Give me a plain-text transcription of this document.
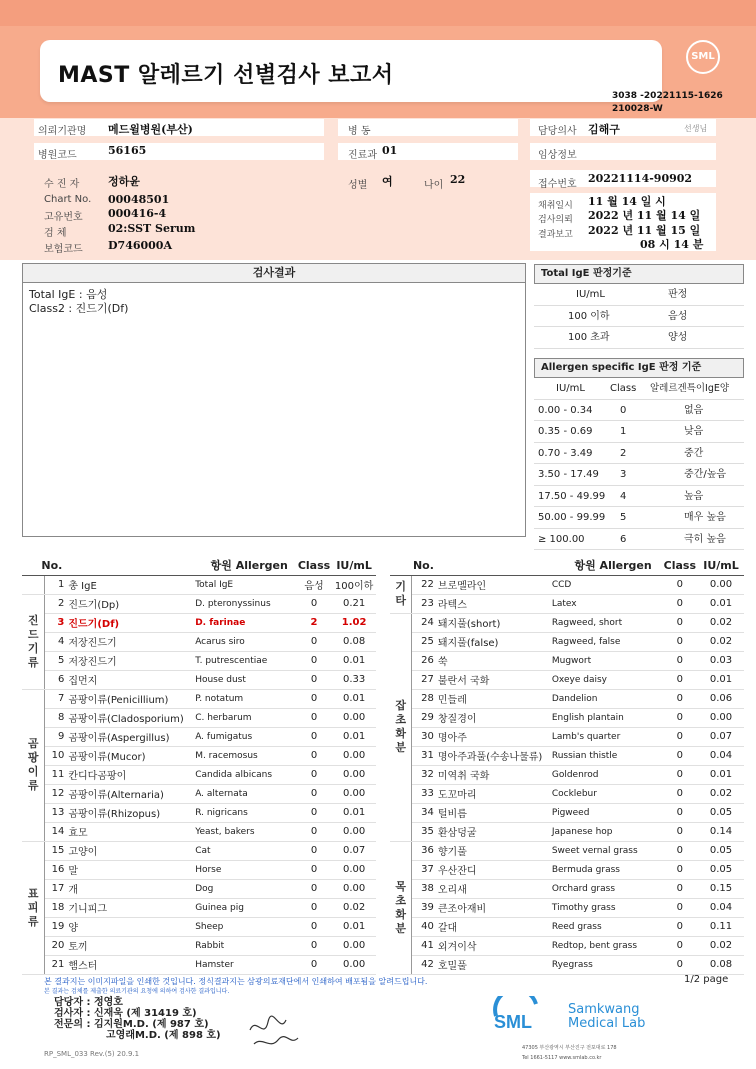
MAST 알레르기 선별검사 보고서
SML
3038 -20221115-1626
210028-W
의뢰기관명 메드윌병원(부산)	병 동	담당의사 김해구	선생님
병원코드	56165	진료과 01	임상정보
수 진 자	정하윤	성별 여	나이 22	접수번호 20221114-90902
Chart No. 00048501
고유번호 000416-4
검 체	02:SST Serum
보험코드 D746000A
채취일시 11 월 14 일 시
검사의뢰 2022 년 11 월 14 일
결과보고 2022 년 11 월 15 일
08 시 14 분
검사결과
Total IgE : 음성
Class2 : 진드기(Df)
Total IgE 판정기준
IU/mL	판정
100 이하	음성
100 초과	양성
Allergen specific IgE 판정 기준
IU/mL	Class 알레르겐특이IgE양
0.00 - 0.34	0	없음
0.35 - 0.69	1	낮음
0.70 - 3.49	2	중간
3.50 - 17.49 3	중간/높음
17.50 - 49.99 4	높음
50.00 - 99.99 5	매우 높음
≥ 100.00	6	극히 높음
No.		항원 Allergen		Class	IU/mL
	1	총 IgE	Total IgE	음성	100이하
진드기류	2	진드기(Dp)	D. pteronyssinus	0	0.21
	3	진드기(Df)	D. farinae	2	1.02
	4	저장진드기	Acarus siro	0	0.08
	5	저장진드기	T. putrescentiae	0	0.01
	6	집먼지	House dust	0	0.33
곰팡이류	7	곰팡이류(Penicillium)	P. notatum	0	0.01
	8	곰팡이류(Cladosporium)	C. herbarum	0	0.00
	9	곰팡이류(Aspergillus)	A. fumigatus	0	0.01
	10	곰팡이류(Mucor)	M. racemosus	0	0.00
	11	칸디다곰팡이	Candida albicans	0	0.00
	12	곰팡이류(Alternaria)	A. alternata	0	0.00
	13	곰팡이류(Rhizopus)	R. nigricans	0	0.01
	14	효모	Yeast, bakers	0	0.00
표피류	15	고양이	Cat	0	0.07
	16	말	Horse	0	0.00
	17	개	Dog	0	0.00
	18	기니피그	Guinea pig	0	0.02
	19	양	Sheep	0	0.01
	20	토끼	Rabbit	0	0.00
	21	햄스터	Hamster	0	0.00
No.		항원 Allergen		Class	IU/mL
기타	22	브로멜라인	CCD	0	0.00
	23	라텍스	Latex	0	0.01
잡초화분	24	돼지풀(short)	Ragweed, short	0	0.02
	25	돼지풀(false)	Ragweed, false	0	0.02
	26	쑥	Mugwort	0	0.03
	27	불란서 국화	Oxeye daisy	0	0.01
	28	민들레	Dandelion	0	0.06
	29	창질경이	English plantain	0	0.00
	30	명아주	Lamb's quarter	0	0.07
	31	명아주과풀(수송나물류)	Russian thistle	0	0.04
	32	미역취 국화	Goldenrod	0	0.01
	33	도꼬마리	Cocklebur	0	0.02
	34	털비름	Pigweed	0	0.05
	35	환삼덩굴	Japanese hop	0	0.14
목초화분	36	향기풀	Sweet vernal grass	0	0.05
	37	우산잔디	Bermuda grass	0	0.05
	38	오리새	Orchard grass	0	0.15
	39	큰조아재비	Timothy grass	0	0.04
	40	갈대	Reed grass	0	0.11
	41	외겨이삭	Redtop, bent grass	0	0.02
	42	호밀풀	Ryegrass	0	0.08
본 결과지는 이미지파일을 인쇄한 것입니다. 정식결과지는 삼광의료재단에서 인쇄하여 배포됨을 알려드립니다.
본 결과는 검체를 제출한 의료기관의 요청에 의하여 검사한 결과입니다.
1/2 page
담당자 : 정영호
검사자 : 신재욱 (제 31419 호)
전문의 : 김지원M.D. (제 987 호)
고영래M.D. (제 898 호)
SML
Samkwang
Medical Lab
47305 부산광역시 부산진구 전포대로 178
Tel 1661-5117 www.smlab.co.kr
RP_SML_033 Rev.(5) 20.9.1
